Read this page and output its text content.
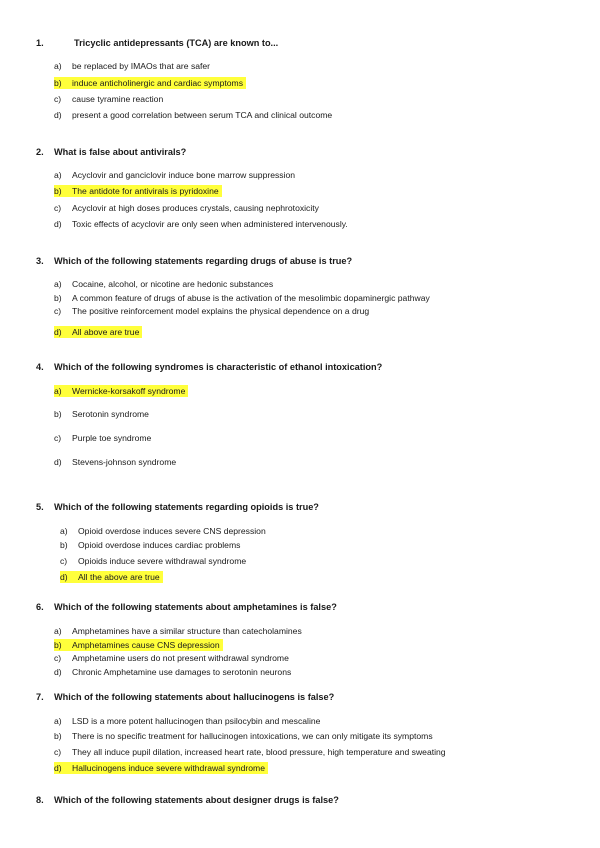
1.	Tricyclic antidepressants (TCA) are known to...
a) be replaced by IMAOs that are safer
b) induce anticholinergic and cardiac symptoms
c) cause tyramine reaction
d) present a good correlation between serum TCA and clinical outcome
2. What is false about antivirals?
a) Acyclovir and ganciclovir induce bone marrow suppression
b) The antidote for antivirals is pyridoxine
c) Acyclovir at high doses produces crystals, causing nephrotoxicity
d) Toxic effects of acyclovir are only seen when administered intervenously.
3. Which of the following statements regarding drugs of abuse is true?
a) Cocaine, alcohol, or nicotine are hedonic substances
b) A common feature of drugs of abuse is the activation of the mesolimbic dopaminergic pathway
c) The positive reinforcement model explains the physical dependence on a drug
d) All above are true
4. Which of the following syndromes is characteristic of ethanol intoxication?
a) Wernicke-korsakoff syndrome
b) Serotonin syndrome
c) Purple toe syndrome
d) Stevens-johnson syndrome
5. Which of the following statements regarding opioids is true?
a) Opioid overdose induces severe CNS depression
b) Opioid overdose induces cardiac problems
c) Opioids induce severe withdrawal syndrome
d) All the above are true
6. Which of the following statements about amphetamines is false?
a) Amphetamines have a similar structure than catecholamines
b) Amphetamines cause CNS depression
c) Amphetamine users do not present withdrawal syndrome
d) Chronic Amphetamine use damages to serotonin neurons
7. Which of the following statements about hallucinogens is false?
a) LSD is a more potent hallucinogen than psilocybin and mescaline
b) There is no specific treatment for hallucinogen intoxications, we can only mitigate its symptoms
c) They all induce pupil dilation, increased heart rate, blood pressure, high temperature and sweating
d) Hallucinogens induce severe withdrawal syndrome
8. Which of the following statements about designer drugs is false?
